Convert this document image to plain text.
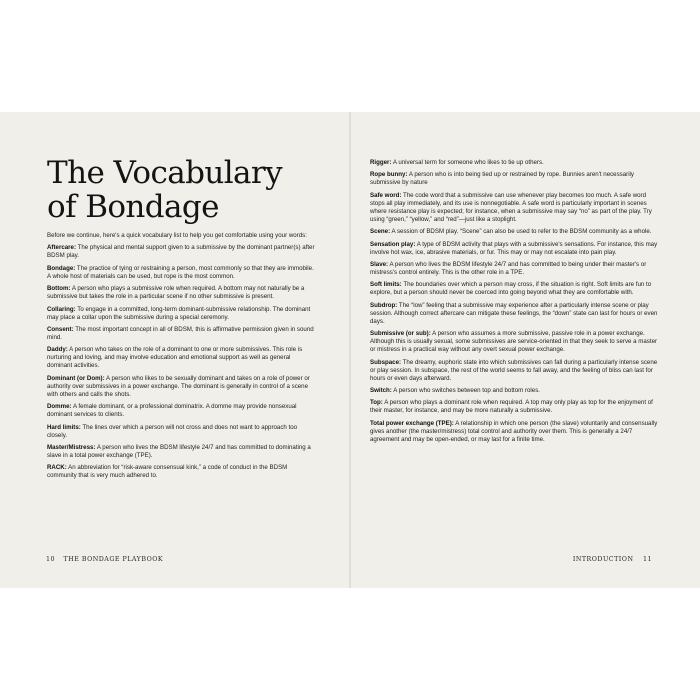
The Vocabulary
of Bondage

Before we continue, here's a quick vocabulary list to help you get comfortable using your words:

Aftercare: The physical and mental support given to a submissive by the dominant partner(s) after BDSM play.

Bondage: The practice of tying or restraining a person, most commonly so that they are immobile. A whole host of materials can be used, but rope is the most common.

Bottom: A person who plays a submissive role when required. A bottom may not naturally be a submissive but takes the role in a particular scene if no other submissive is present.

Collaring: To engage in a committed, long-term dominant-submissive relationship. The dominant may place a collar upon the submissive during a special ceremony.

Consent: The most important concept in all of BDSM, this is affirmative permission given in sound mind.

Daddy: A person who takes on the role of a dominant to one or more submissives. This role is nurturing and loving, and may involve education and emotional support as well as general dominant activities.

Dominant (or Dom): A person who likes to be sexually dominant and takes on a role of power or authority over submissives in a power exchange. The dominant is generally in control of a scene with others and calls the shots.

Domme: A female dominant, or a professional dominatrix. A domme may provide nonsexual dominant services to clients.

Hard limits: The lines over which a person will not cross and does not want to approach too closely.

Master/Mistress: A person who lives the BDSM lifestyle 24/7 and has committed to dominating a slave in a total power exchange (TPE).

RACK: An abbreviation for “risk-aware consensual kink,” a code of conduct in the BDSM community that is very much adhered to.

10 THE BONDAGE PLAYBOOK

Rigger: A universal term for someone who likes to tie up others.

Rope bunny: A person who is into being tied up or restrained by rope. Bunnies aren't necessarily submissive by nature

Safe word: The code word that a submissive can use whenever play becomes too much. A safe word stops all play immediately, and its use is nonnegotiable. A safe word is particularly important in scenes where resistance play is expected; for instance, when a submissive may say “no” as part of the play. Try using “green,” “yellow,” and “red”—just like a stoplight.

Scene: A session of BDSM play. “Scene” can also be used to refer to the BDSM community as a whole.

Sensation play: A type of BDSM activity that plays with a submissive's sensations. For instance, this may involve hot wax, ice, abrasive materials, or fur. This may or may not escalate into pain play.

Slave: A person who lives the BDSM lifestyle 24/7 and has committed to being under their master's or mistress's control entirely. This is the other role in a TPE.

Soft limits: The boundaries over which a person may cross, if the situation is right. Soft limits are fun to explore, but a person should never be coerced into going beyond what they are comfortable with.

Subdrop: The “low” feeling that a submissive may experience after a particularly intense scene or play session. Although correct aftercare can mitigate these feelings, the “down” state can last for hours or even days.

Submissive (or sub): A person who assumes a more submissive, passive role in a power exchange. Although this is usually sexual, some submissives are service-oriented in that they seek to serve a master or mistress in a practical way without any overt sexual power exchange.

Subspace: The dreamy, euphoric state into which submissives can fall during a particularly intense scene or play session. In subspace, the rest of the world seems to fall away, and the feeling of bliss can last for hours or even days afterward.

Switch: A person who switches between top and bottom roles.

Top: A person who plays a dominant role when required. A top may only play as top for the enjoyment of their master, for instance, and may be more naturally a submissive.

Total power exchange (TPE): A relationship in which one person (the slave) voluntarily and consensually gives another (the master/mistress) total control and authority over them. This is generally a 24/7 agreement and may be open-ended, or may last for a finite time.

INTRODUCTION 11
